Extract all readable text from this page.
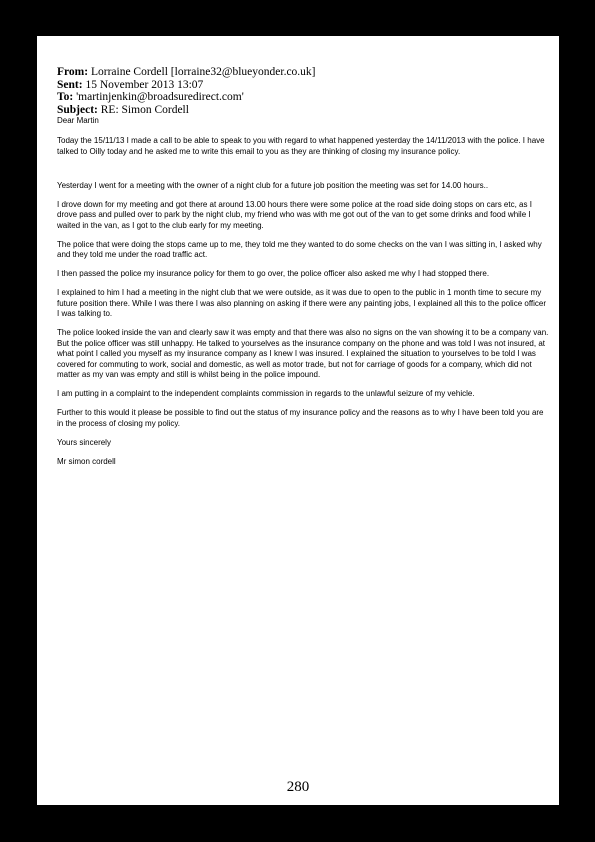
From: Lorraine Cordell [lorraine32@blueyonder.co.uk]
Sent: 15 November 2013 13:07
To: 'martinjenkin@broadsuredirect.com'
Subject: RE: Simon Cordell

Dear Martin

Today the 15/11/13 I made a call to be able to speak to you with regard to what happened yesterday the 14/11/2013 with the police. I have talked to Oilly today and he asked me to write this email to you as they are thinking of closing my insurance policy.

Yesterday I went for a meeting with the owner of a night club for a future job position the meeting was set for 14.00 hours..

I drove down for my meeting and got there at around 13.00 hours there were some police at the road side doing stops on cars etc, as I drove pass and pulled over to park by the night club, my friend who was with me got out of the van to get some drinks and food while I waited in the van, as I got to the club early for my meeting.

The police that were doing the stops came up to me, they told me they wanted to do some checks on the van I was sitting in, I asked why and they told me under the road traffic act.

I then passed the police my insurance policy for them to go over, the police officer also asked me why I had stopped there.

I explained to him I had a meeting in the night club that we were outside, as it was due to open to the public in 1 month time to secure my future position there. While I was there I was also planning on asking if there were any painting jobs, I explained all this to the police officer I was talking to.

The police looked inside the van and clearly saw it was empty and that there was also no signs on the van showing it to be a company van. But the police officer was still unhappy. He talked to yourselves as the insurance company on the phone and was told I was not insured, at what point I called you myself as my insurance company as I knew I was insured. I explained the situation to yourselves to be told I was covered for commuting to work, social and domestic, as well as motor trade, but not for carriage of goods for a company, which did not matter as my van was empty and still is whilst being in the police impound.

I am putting in a complaint to the independent complaints commission in regards to the unlawful seizure of my vehicle.

Further to this would it please be possible to find out the status of my insurance policy and the reasons as to why I have been told you are in the process of closing my policy.

Yours sincerely

Mr simon cordell

280
